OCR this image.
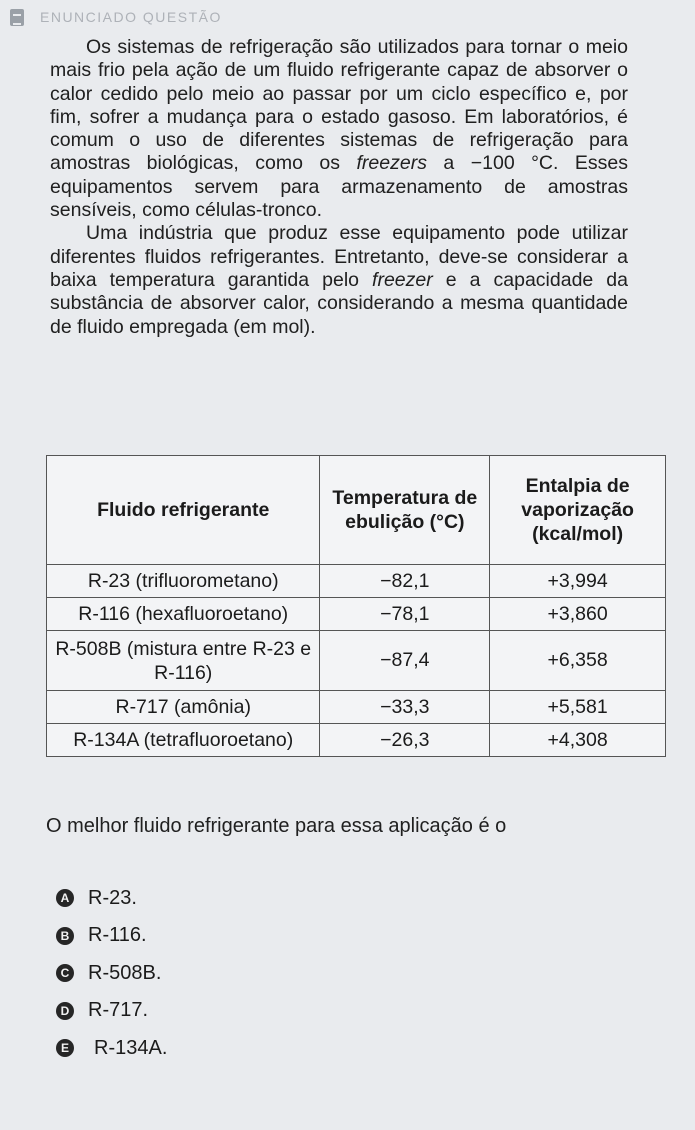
ENUNCIADO QUESTÃO

Os sistemas de refrigeração são utilizados para tornar o meio mais frio pela ação de um fluido refrigerante capaz de absorver o calor cedido pelo meio ao passar por um ciclo específico e, por fim, sofrer a mudança para o estado gasoso. Em laboratórios, é comum o uso de diferentes sistemas de refrigeração para amostras biológicas, como os freezers a −100 °C. Esses equipamentos servem para armazenamento de amostras sensíveis, como células-tronco.

Uma indústria que produz esse equipamento pode utilizar diferentes fluidos refrigerantes. Entretanto, deve-se considerar a baixa temperatura garantida pelo freezer e a capacidade da substância de absorver calor, considerando a mesma quantidade de fluido empregada (em mol).

Fluido refrigerante	Temperatura de ebulição (°C)	Entalpia de vaporização (kcal/mol)
R-23 (trifluorometano)	−82,1	+3,994
R-116 (hexafluoroetano)	−78,1	+3,860
R-508B (mistura entre R-23 e R-116)	−87,4	+6,358
R-717 (amônia)	−33,3	+5,581
R-134A (tetrafluoroetano)	−26,3	+4,308
O melhor fluido refrigerante para essa aplicação é o
A R-23.
B R-116.
C R-508B.
D R-717.
E R-134A.
